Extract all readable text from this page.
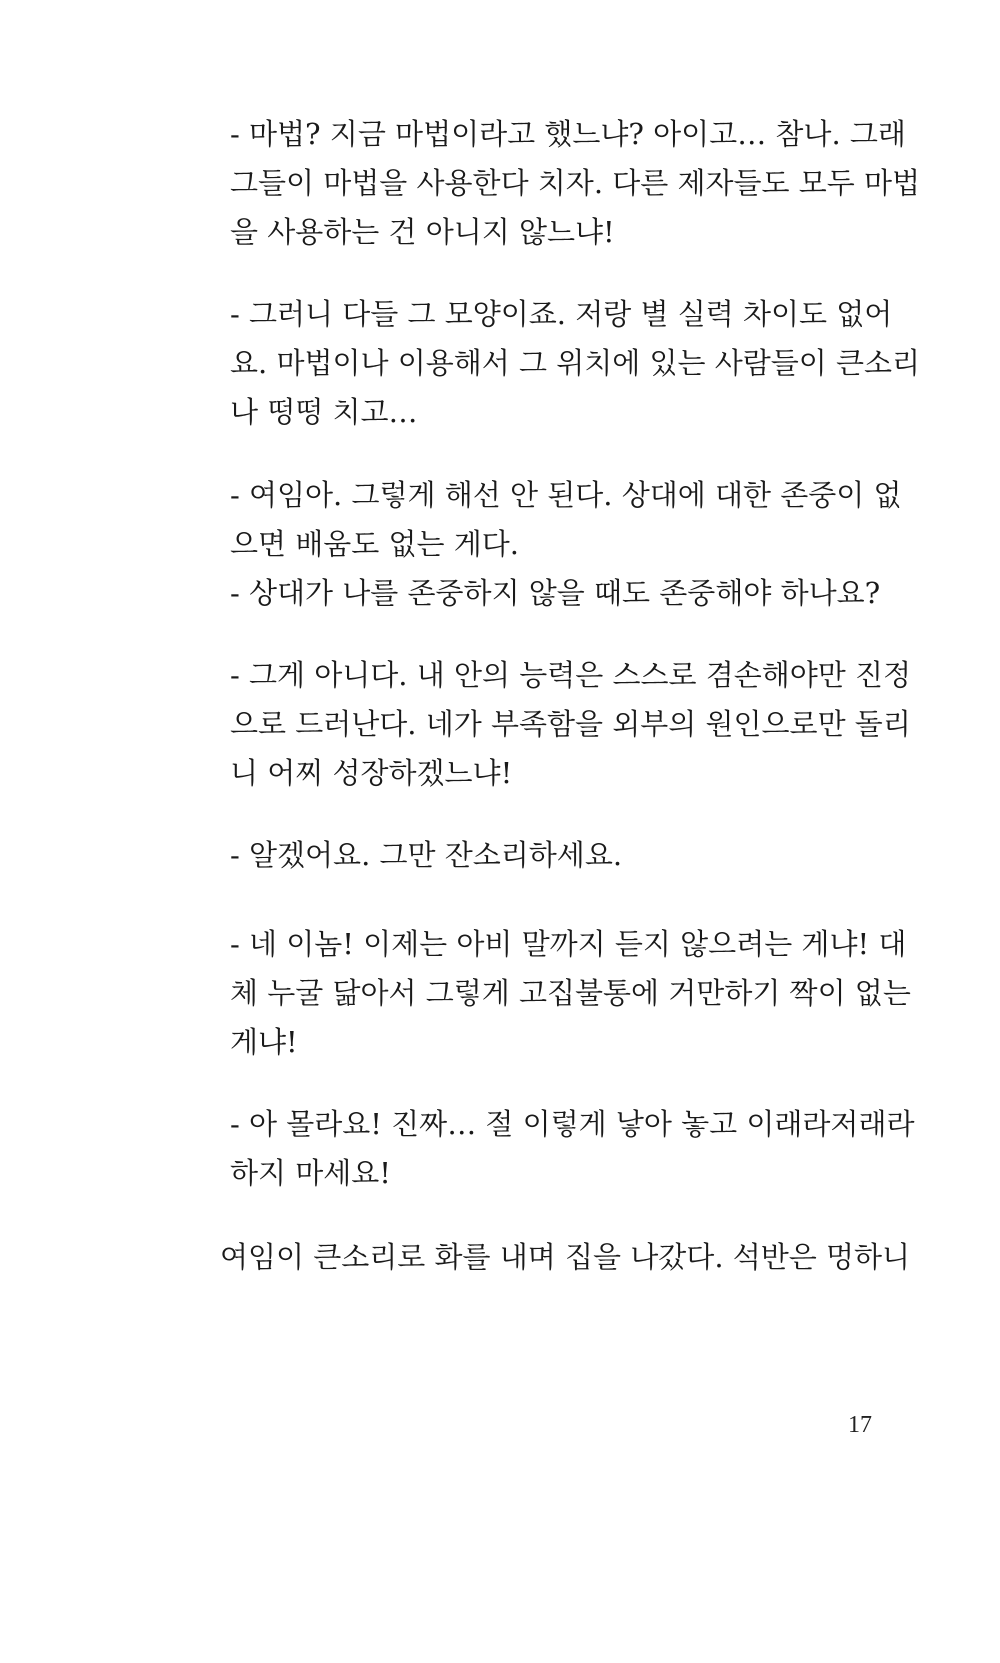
- 마법? 지금 마법이라고 했느냐? 아이고… 참나. 그래
그들이 마법을 사용한다 치자. 다른 제자들도 모두 마법
을 사용하는 건 아니지 않느냐!
- 그러니 다들 그 모양이죠. 저랑 별 실력 차이도 없어
요. 마법이나 이용해서 그 위치에 있는 사람들이 큰소리
나 떵떵 치고…
- 여임아. 그렇게 해선 안 된다. 상대에 대한 존중이 없
으면 배움도 없는 게다.
- 상대가 나를 존중하지 않을 때도 존중해야 하나요?
- 그게 아니다. 내 안의 능력은 스스로 겸손해야만 진정
으로 드러난다. 네가 부족함을 외부의 원인으로만 돌리
니 어찌 성장하겠느냐!
- 알겠어요. 그만 잔소리하세요.
- 네 이놈! 이제는 아비 말까지 듣지 않으려는 게냐! 대
체 누굴 닮아서 그렇게 고집불통에 거만하기 짝이 없는
게냐!
- 아 몰라요! 진짜… 절 이렇게 낳아 놓고 이래라저래라
하지 마세요!
여임이 큰소리로 화를 내며 집을 나갔다. 석반은 멍하니
17
